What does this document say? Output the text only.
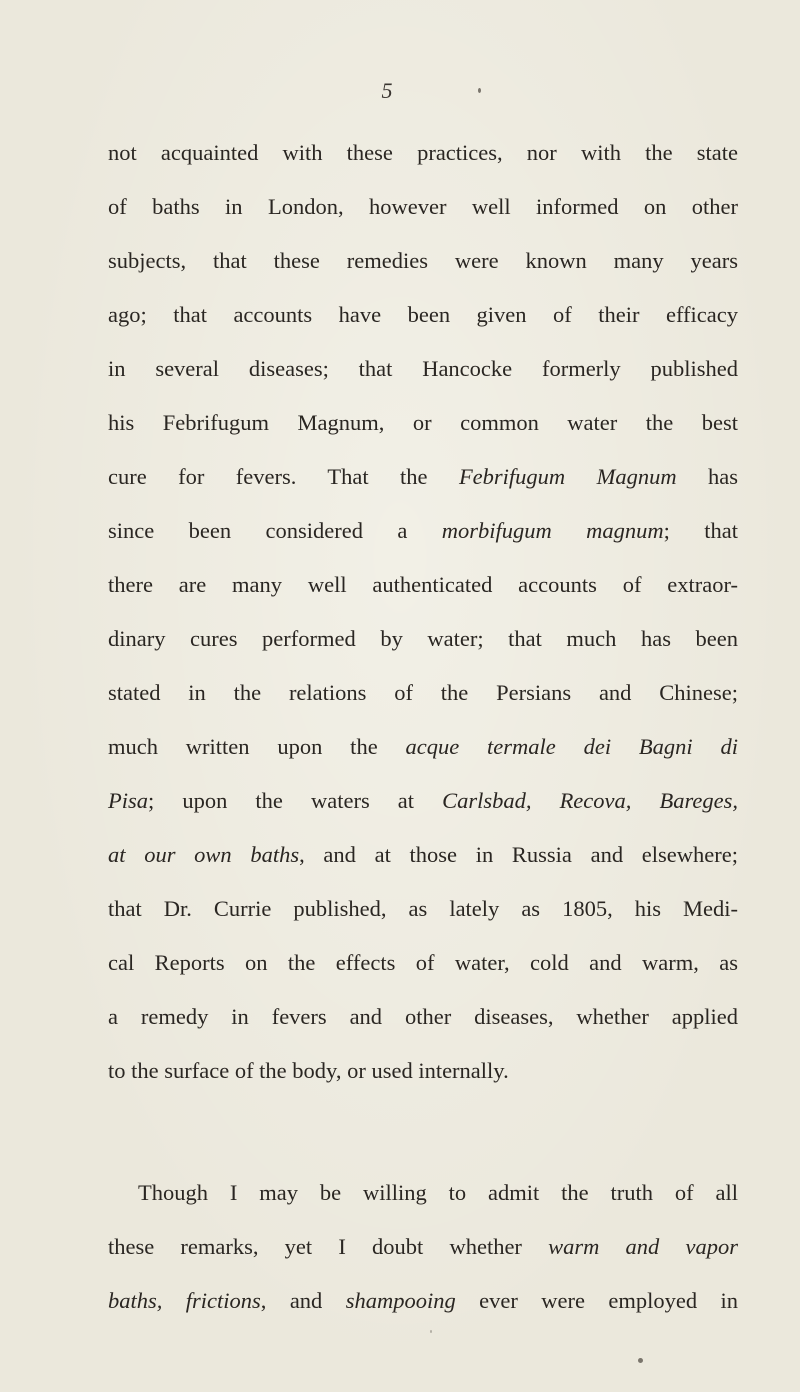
5
not acquainted with these practices, nor with the state
of baths in London, however well informed on other
subjects, that these remedies were known many years
ago; that accounts have been given of their efficacy
in several diseases; that Hancocke formerly published
his Febrifugum Magnum, or common water the best
cure for fevers. That the Febrifugum Magnum has
since been considered a morbifugum magnum; that
there are many well authenticated accounts of extraor-
dinary cures performed by water; that much has been
stated in the relations of the Persians and Chinese;
much written upon the acque termale dei Bagni di
Pisa; upon the waters at Carlsbad, Recova, Bareges,
at our own baths, and at those in Russia and elsewhere;
that Dr. Currie published, as lately as 1805, his Medi-
cal Reports on the effects of water, cold and warm, as
a remedy in fevers and other diseases, whether applied
to the surface of the body, or used internally.
Though I may be willing to admit the truth of all
these remarks, yet I doubt whether warm and vapor
baths, frictions, and shampooing ever were employed in
